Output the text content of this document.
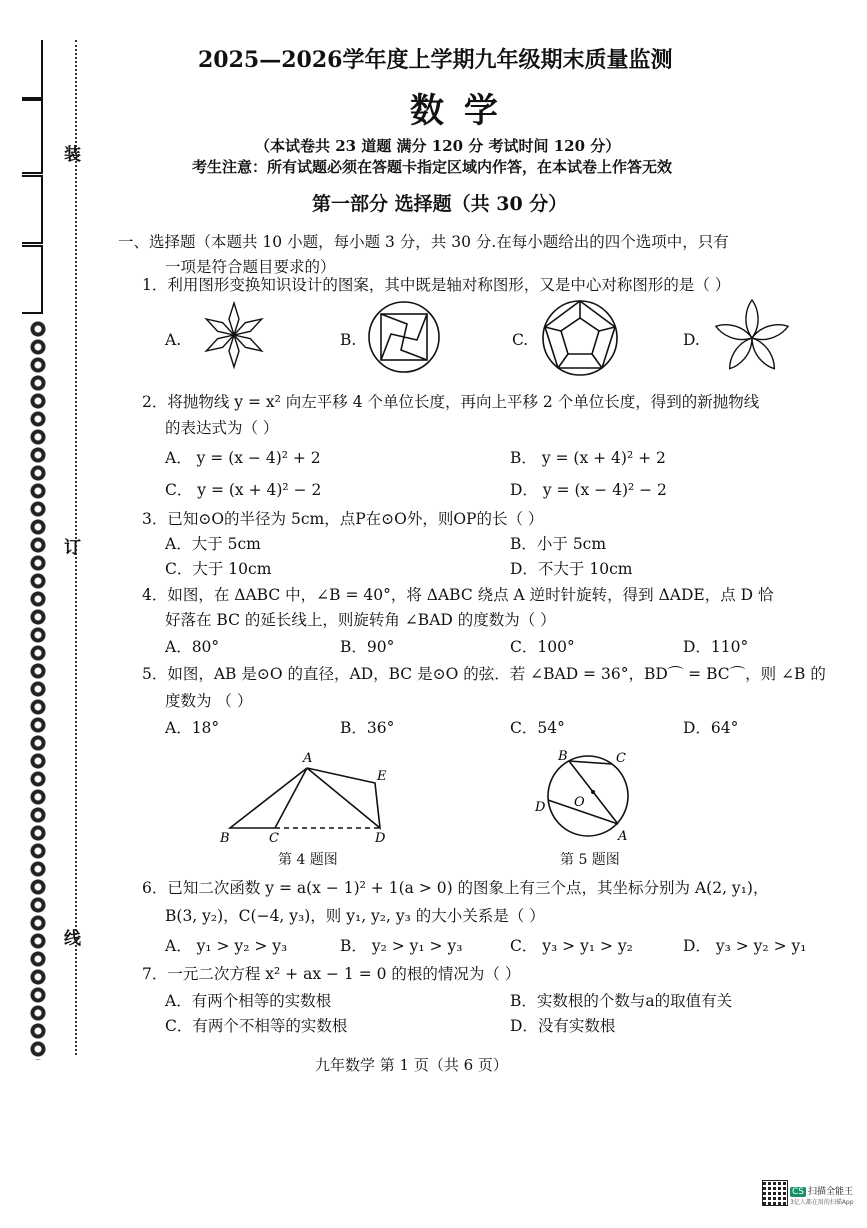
装
订
线
2025—2026学年度上学期九年级期末质量监测
数 学
（本试卷共 23 道题 满分 120 分 考试时间 120 分）
考生注意：所有试题必须在答题卡指定区域内作答，在本试卷上作答无效
第一部分 选择题（共 30 分）
一、选择题（本题共 10 小题，每小题 3 分，共 30 分.在每小题给出的四个选项中，只有
一项是符合题目要求的）
1．利用图形变换知识设计的图案，其中既是轴对称图形，又是中心对称图形的是（ ）
A.	B.	C.	D.
2．将抛物线 y = x² 向左平移 4 个单位长度，再向上平移 2 个单位长度，得到的新抛物线
的表达式为（ ）
A． y = (x − 4)² + 2	B． y = (x + 4)² + 2
C． y = (x + 4)² − 2	D． y = (x − 4)² − 2
3．已知⊙O的半径为 5cm，点P在⊙O外，则OP的长（ ）
A．大于 5cm	B．小于 5cm
C．大于 10cm	D．不大于 10cm
4．如图，在 ΔABC 中，∠B = 40°，将 ΔABC 绕点 A 逆时针旋转，得到 ΔADE，点 D 恰
好落在 BC 的延长线上，则旋转角 ∠BAD 的度数为（ ）
A．80°	B．90°	C．100°	D．110°
5．如图，AB 是⊙O 的直径，AD，BC 是⊙O 的弦．若 ∠BAD = 36°，BD⌒ = BC⌒，则 ∠B 的
度数为 （ ）
A．18°	B．36°	C．54°	D．64°
A
B	C	D
E
第 4 题图
B	C
D O
A
第 5 题图
6．已知二次函数 y = a(x − 1)² + 1(a > 0) 的图象上有三个点，其坐标分别为 A(2, y₁)，
B(3, y₂)，C(−4, y₃)，则 y₁, y₂, y₃ 的大小关系是（ ）
A． y₁ > y₂ > y₃	B． y₂ > y₁ > y₃	C． y₃ > y₁ > y₂	D． y₃ > y₂ > y₁
7．一元二次方程 x² + ax − 1 = 0 的根的情况为（ ）
A．有两个相等的实数根	B．实数根的个数与a的取值有关
C．有两个不相等的实数根	D．没有实数根
九年数学 第 1 页（共 6 页）
CS 扫描全能王
3亿人都在用的扫描App
